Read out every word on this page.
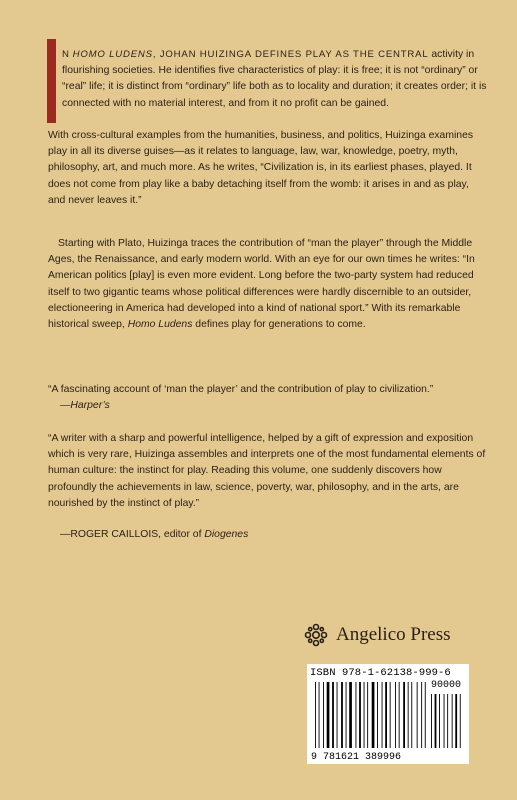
N HOMO LUDENS, JOHAN HUIZINGA DEFINES PLAY AS THE CENTRAL activity in flourishing societies. He identifies five characteristics of play: it is free; it is not “ordinary” or “real” life; it is distinct from “ordinary” life both as to locality and duration; it creates order; it is connected with no material interest, and from it no profit can be gained.
With cross-cultural examples from the humanities, business, and politics, Huizinga examines play in all its diverse guises—as it relates to language, law, war, knowledge, poetry, myth, philosophy, art, and much more. As he writes, “Civilization is, in its earliest phases, played. It does not come from play like a baby detaching itself from the womb: it arises in and as play, and never leaves it.”
Starting with Plato, Huizinga traces the contribution of “man the player” through the Middle Ages, the Renaissance, and early modern world. With an eye for our own times he writes: “In American politics [play] is even more evident. Long before the two-party system had reduced itself to two gigantic teams whose political differences were hardly discernible to an outsider, electioneering in America had developed into a kind of national sport.” With its remarkable historical sweep, Homo Ludens defines play for generations to come.
“A fascinating account of ‘man the player’ and the contribution of play to civilization.”
—Harper’s
“A writer with a sharp and powerful intelligence, helped by a gift of expression and exposition which is very rare, Huizinga assembles and interprets one of the most fundamental elements of human culture: the instinct for play. Reading this volume, one suddenly discovers how profoundly the achievements in law, science, poverty, war, philosophy, and in the arts, are nourished by the instinct of play.”
—ROGER CAILLOIS, editor of Diogenes
Angelico Press
ISBN 978-1-62138-999-6
90000
9 781621 389996
